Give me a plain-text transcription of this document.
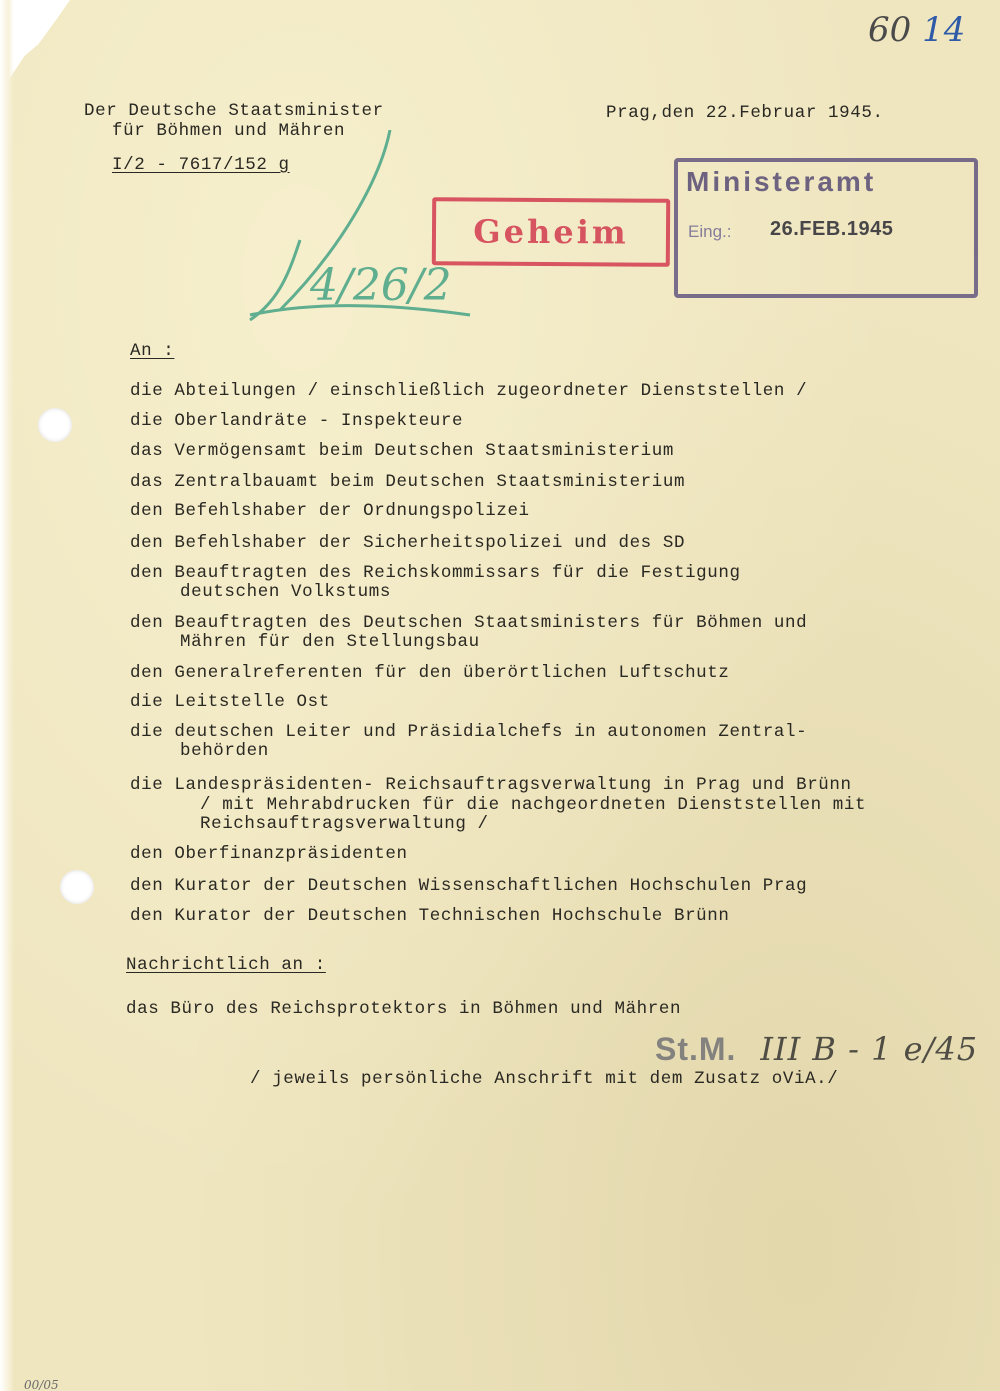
60 14
Der Deutsche Staatsminister
für Böhmen und Mähren
I/2 - 7617/152 g
Prag,den 22.Februar 1945.
4/26/2
Geheim
Ministeramt
Eing.: 26.FEB.1945
An :
die Abteilungen / einschließlich zugeordneter Dienststellen /
die Oberlandräte - Inspekteure
das Vermögensamt beim Deutschen Staatsministerium
das Zentralbauamt beim Deutschen Staatsministerium
den Befehlshaber der Ordnungspolizei
den Befehlshaber der Sicherheitspolizei und des SD
den Beauftragten des Reichskommissars für die Festigung
deutschen Volkstums
den Beauftragten des Deutschen Staatsministers für Böhmen und
Mähren für den Stellungsbau
den Generalreferenten für den überörtlichen Luftschutz
die Leitstelle Ost
die deutschen Leiter und Präsidialchefs in autonomen Zentral-
behörden
die Landespräsidenten- Reichsauftragsverwaltung in Prag und Brünn
/ mit Mehrabdrucken für die nachgeordneten Dienststellen mit
Reichsauftragsverwaltung /
den Oberfinanzpräsidenten
den Kurator der Deutschen Wissenschaftlichen Hochschulen Prag
den Kurator der Deutschen Technischen Hochschule Brünn
Nachrichtlich an :
das Büro des Reichsprotektors in Böhmen und Mähren
/ jeweils persönliche Anschrift mit dem Zusatz oViA./
St.M. III B - 1 e/45
00/05
